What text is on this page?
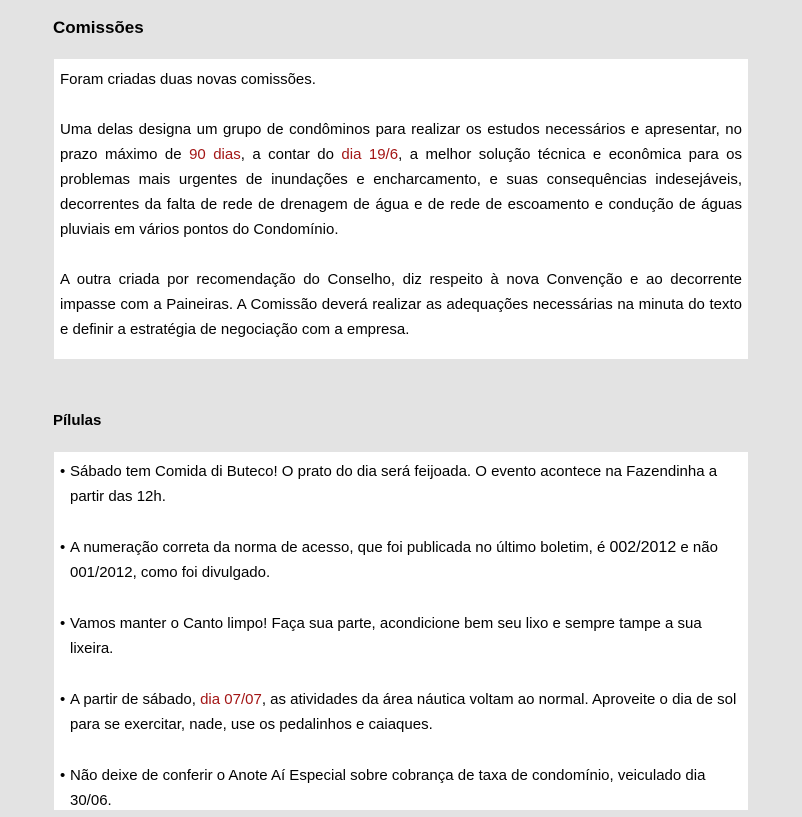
Comissões

Foram criadas duas novas comissões.

Uma delas designa um grupo de condôminos para realizar os estudos necessários e apresentar, no prazo máximo de 90 dias, a contar do dia 19/6, a melhor solução técnica e econômica para os problemas mais urgentes de inundações e encharcamento, e suas consequências indesejáveis, decorrentes da falta de rede de drenagem de água e de rede de escoamento e condução de águas pluviais em vários pontos do Condomínio.

A outra criada por recomendação do Conselho, diz respeito à nova Convenção e ao decorrente impasse com a Paineiras. A Comissão deverá realizar as adequações necessárias na minuta do texto e definir a estratégia de negociação com a empresa.

Pílulas
• Sábado tem Comida di Buteco! O prato do dia será feijoada. O evento acontece na Fazendinha a partir das 12h.
• A numeração correta da norma de acesso, que foi publicada no último boletim, é 002/2012 e não 001/2012, como foi divulgado.
• Vamos manter o Canto limpo! Faça sua parte, acondicione bem seu lixo e sempre tampe a sua lixeira.
• A partir de sábado, dia 07/07, as atividades da área náutica voltam ao normal. Aproveite o dia de sol para se exercitar, nade, use os pedalinhos e caiaques.
• Não deixe de conferir o Anote Aí Especial sobre cobrança de taxa de condomínio, veiculado dia 30/06.
